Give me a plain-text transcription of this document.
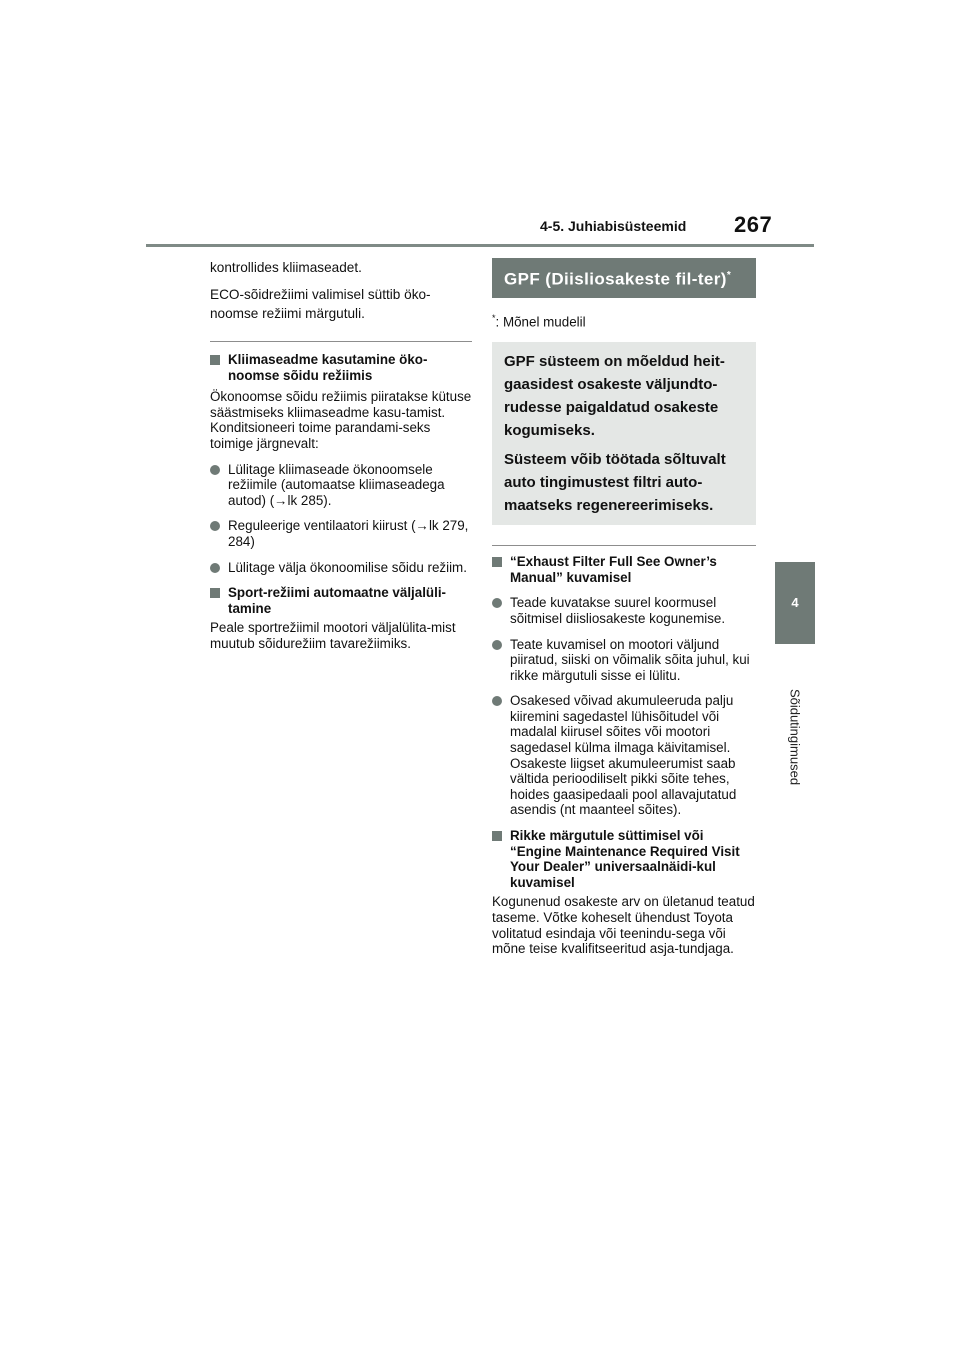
4-5. Juhiabisüsteemid 267
4
Sõidutingimused

kontrollides kliimaseadet.

ECO-sõidrežiimi valimisel süttib öko-noomse režiimi märgutuli.

Kliimaseadme kasutamine öko-noomse sõidu režiimis

Ökonoomse sõidu režiimis piiratakse kütuse säästmiseks kliimaseadme kasu-tamist. Konditsioneeri toime parandami-seks toimige järgnevalt:

Lülitage kliimaseade ökonoomsele režiimile (automaatse kliimaseadega autod) (→lk 285).

Reguleerige ventilaatori kiirust (→lk 279, 284)

Lülitage välja ökonoomilise sõidu režiim.

Sport-režiimi automaatne väljalüli-tamine

Peale sportrežiimil mootori väljalülita-mist muutub sõidurežiim tavarežiimiks.

GPF (Diisliosakeste fil-ter)*

*: Mõnel mudelil

GPF süsteem on mõeldud heit-gaasidest osakeste väljundto-rudesse paigaldatud osakeste kogumiseks.

Süsteem võib töötada sõltuvalt auto tingimustest filtri auto-maatseks regenereerimiseks.

“Exhaust Filter Full See Owner’s Manual” kuvamisel

Teade kuvatakse suurel koormusel sõitmisel diisliosakeste kogunemise.

Teate kuvamisel on mootori väljund piiratud, siiski on võimalik sõita juhul, kui rikke märgutuli sisse ei lülitu.

Osakesed võivad akumuleeruda palju kiiremini sagedastel lühisõitudel või madalal kiirusel sõites või mootori sagedasel külma ilmaga käivitamisel. Osakeste liigset akumuleerumist saab vältida perioodiliselt pikki sõite tehes, hoides gaasipedaali pool allavajutatud asendis (nt maanteel sõites).

Rikke märgutule süttimisel või “Engine Maintenance Required Visit Your Dealer” universaalnäidi-kul kuvamisel

Kogunenud osakeste arv on ületanud teatud taseme. Võtke koheselt ühendust Toyota volitatud esindaja või teenindu-sega või mõne teise kvalifitseeritud asja-tundjaga.
